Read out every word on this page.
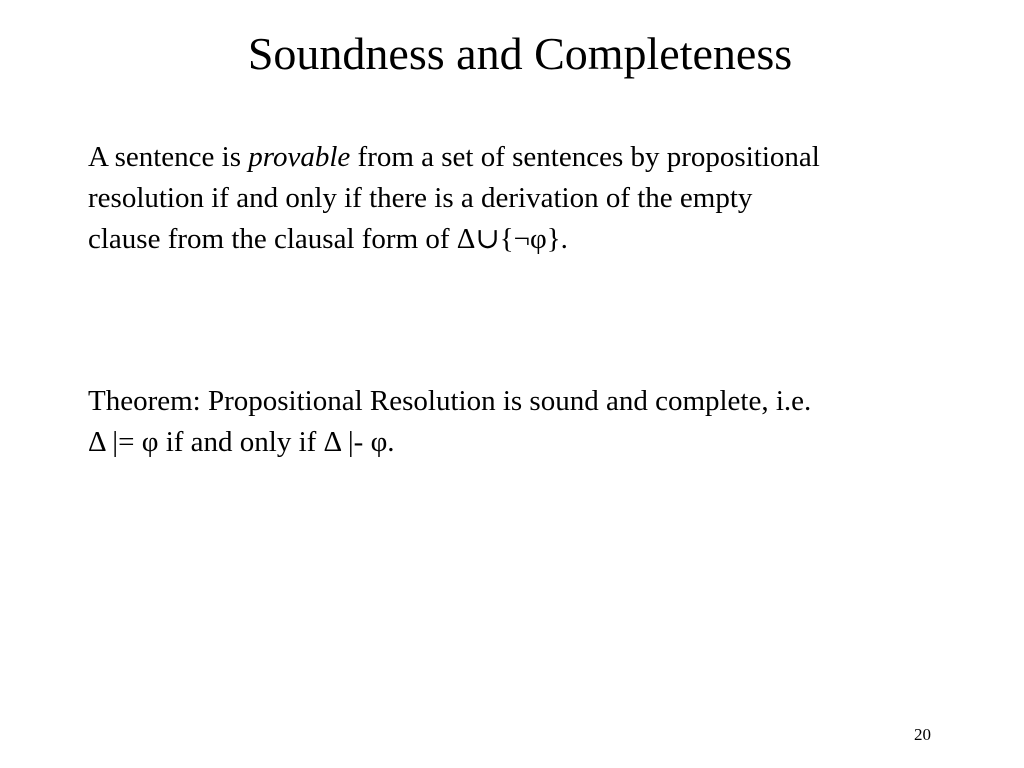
Soundness and Completeness
A sentence is provable from a set of sentences by propositional
resolution if and only if there is a derivation of the empty
clause from the clausal form of Δ∪{¬φ}.
Theorem: Propositional Resolution is sound and complete, i.e.
Δ |= φ if and only if Δ |- φ.
20
